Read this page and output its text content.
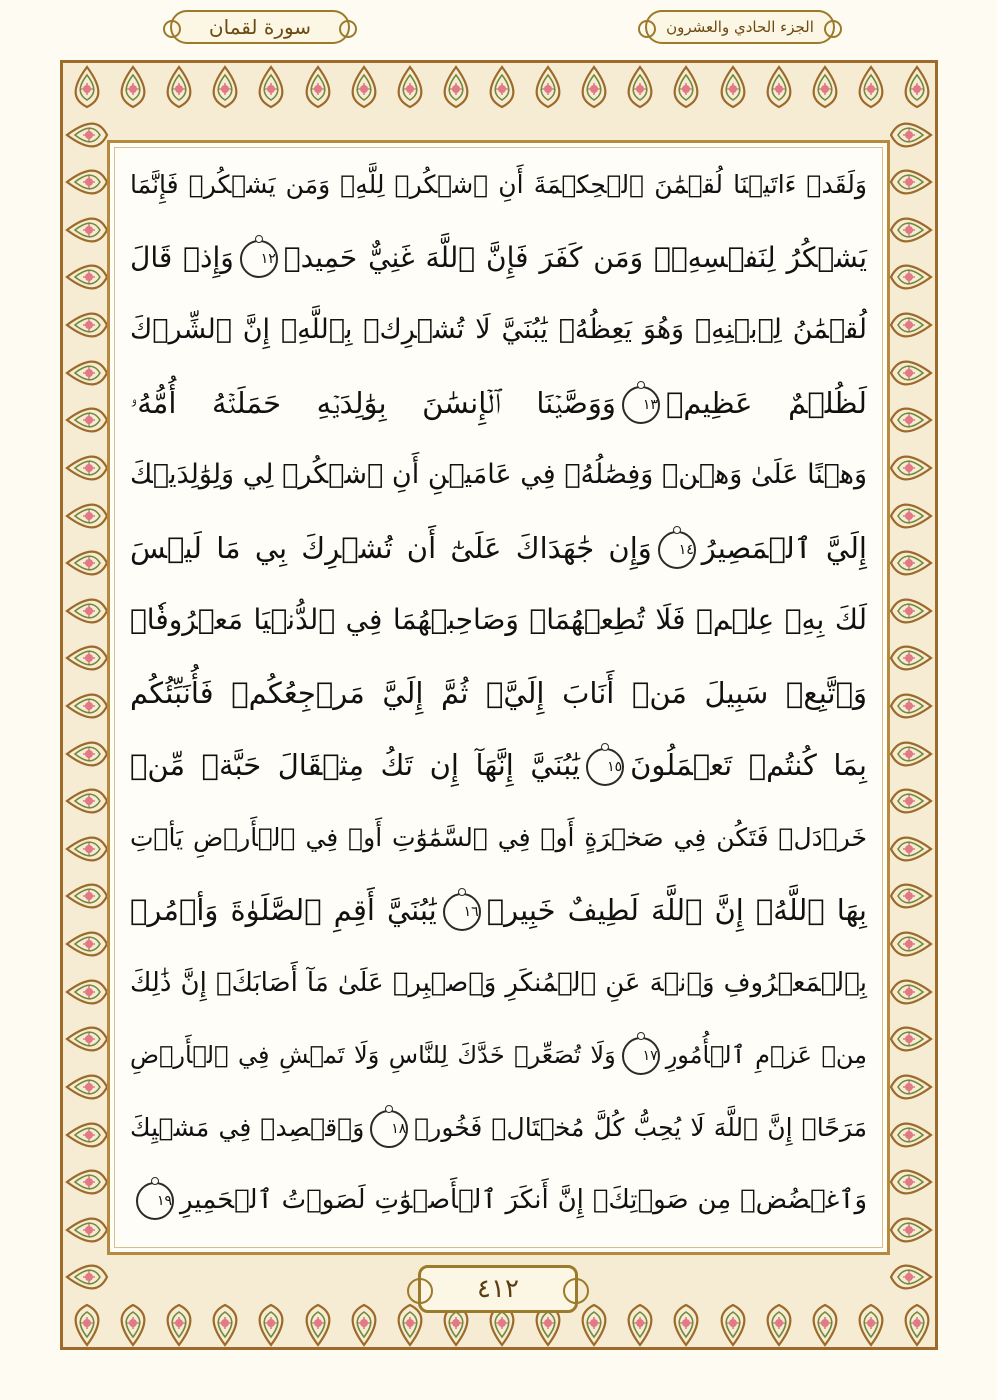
سورة لقمان	الجزء الحادي والعشرون
وَلَقَدۡ ءَاتَيۡنَا لُقۡمَٰنَ ٱلۡحِكۡمَةَ أَنِ ٱشۡكُرۡ لِلَّهِۚ وَمَن يَشۡكُرۡ فَإِنَّمَا
يَشۡكُرُ لِنَفۡسِهِۦۖ وَمَن كَفَرَ فَإِنَّ ٱللَّهَ غَنِيٌّ حَمِيدٞ١٢وَإِذۡ قَالَ
لُقۡمَٰنُ لِٱبۡنِهِۦ وَهُوَ يَعِظُهُۥ يَٰبُنَيَّ لَا تُشۡرِكۡ بِٱللَّهِۖ إِنَّ ٱلشِّرۡكَ
لَظُلۡمٌ عَظِيمٞ١٣وَوَصَّيۡنَا ٱلۡإِنسَٰنَ بِوَٰلِدَيۡهِ حَمَلَتۡهُ أُمُّهُۥ
وَهۡنًا عَلَىٰ وَهۡنٖ وَفِصَٰلُهُۥ فِي عَامَيۡنِ أَنِ ٱشۡكُرۡ لِي وَلِوَٰلِدَيۡكَ
إِلَيَّ ٱلۡمَصِيرُ١٤وَإِن جَٰهَدَاكَ عَلَىٰٓ أَن تُشۡرِكَ بِي مَا لَيۡسَ
لَكَ بِهِۦ عِلۡمٞ فَلَا تُطِعۡهُمَاۖ وَصَاحِبۡهُمَا فِي ٱلدُّنۡيَا مَعۡرُوفٗاۖ
وَٱتَّبِعۡ سَبِيلَ مَنۡ أَنَابَ إِلَيَّۚ ثُمَّ إِلَيَّ مَرۡجِعُكُمۡ فَأُنَبِّئُكُم
بِمَا كُنتُمۡ تَعۡمَلُونَ١٥يَٰبُنَيَّ إِنَّهَآ إِن تَكُ مِثۡقَالَ حَبَّةٖ مِّنۡ
خَرۡدَلٖ فَتَكُن فِي صَخۡرَةٍ أَوۡ فِي ٱلسَّمَٰوَٰتِ أَوۡ فِي ٱلۡأَرۡضِ يَأۡتِ
بِهَا ٱللَّهُۚ إِنَّ ٱللَّهَ لَطِيفٌ خَبِيرٞ١٦يَٰبُنَيَّ أَقِمِ ٱلصَّلَوٰةَ وَأۡمُرۡ
بِٱلۡمَعۡرُوفِ وَٱنۡهَ عَنِ ٱلۡمُنكَرِ وَٱصۡبِرۡ عَلَىٰ مَآ أَصَابَكَۖ إِنَّ ذَٰلِكَ
مِنۡ عَزۡمِ ٱلۡأُمُورِ١٧وَلَا تُصَعِّرۡ خَدَّكَ لِلنَّاسِ وَلَا تَمۡشِ فِي ٱلۡأَرۡضِ
مَرَحًاۖ إِنَّ ٱللَّهَ لَا يُحِبُّ كُلَّ مُخۡتَالٖ فَخُورٖ١٨وَٱقۡصِدۡ فِي مَشۡيِكَ
وَٱغۡضُضۡ مِن صَوۡتِكَۚ إِنَّ أَنكَرَ ٱلۡأَصۡوَٰتِ لَصَوۡتُ ٱلۡحَمِيرِ١٩
٤١٢
